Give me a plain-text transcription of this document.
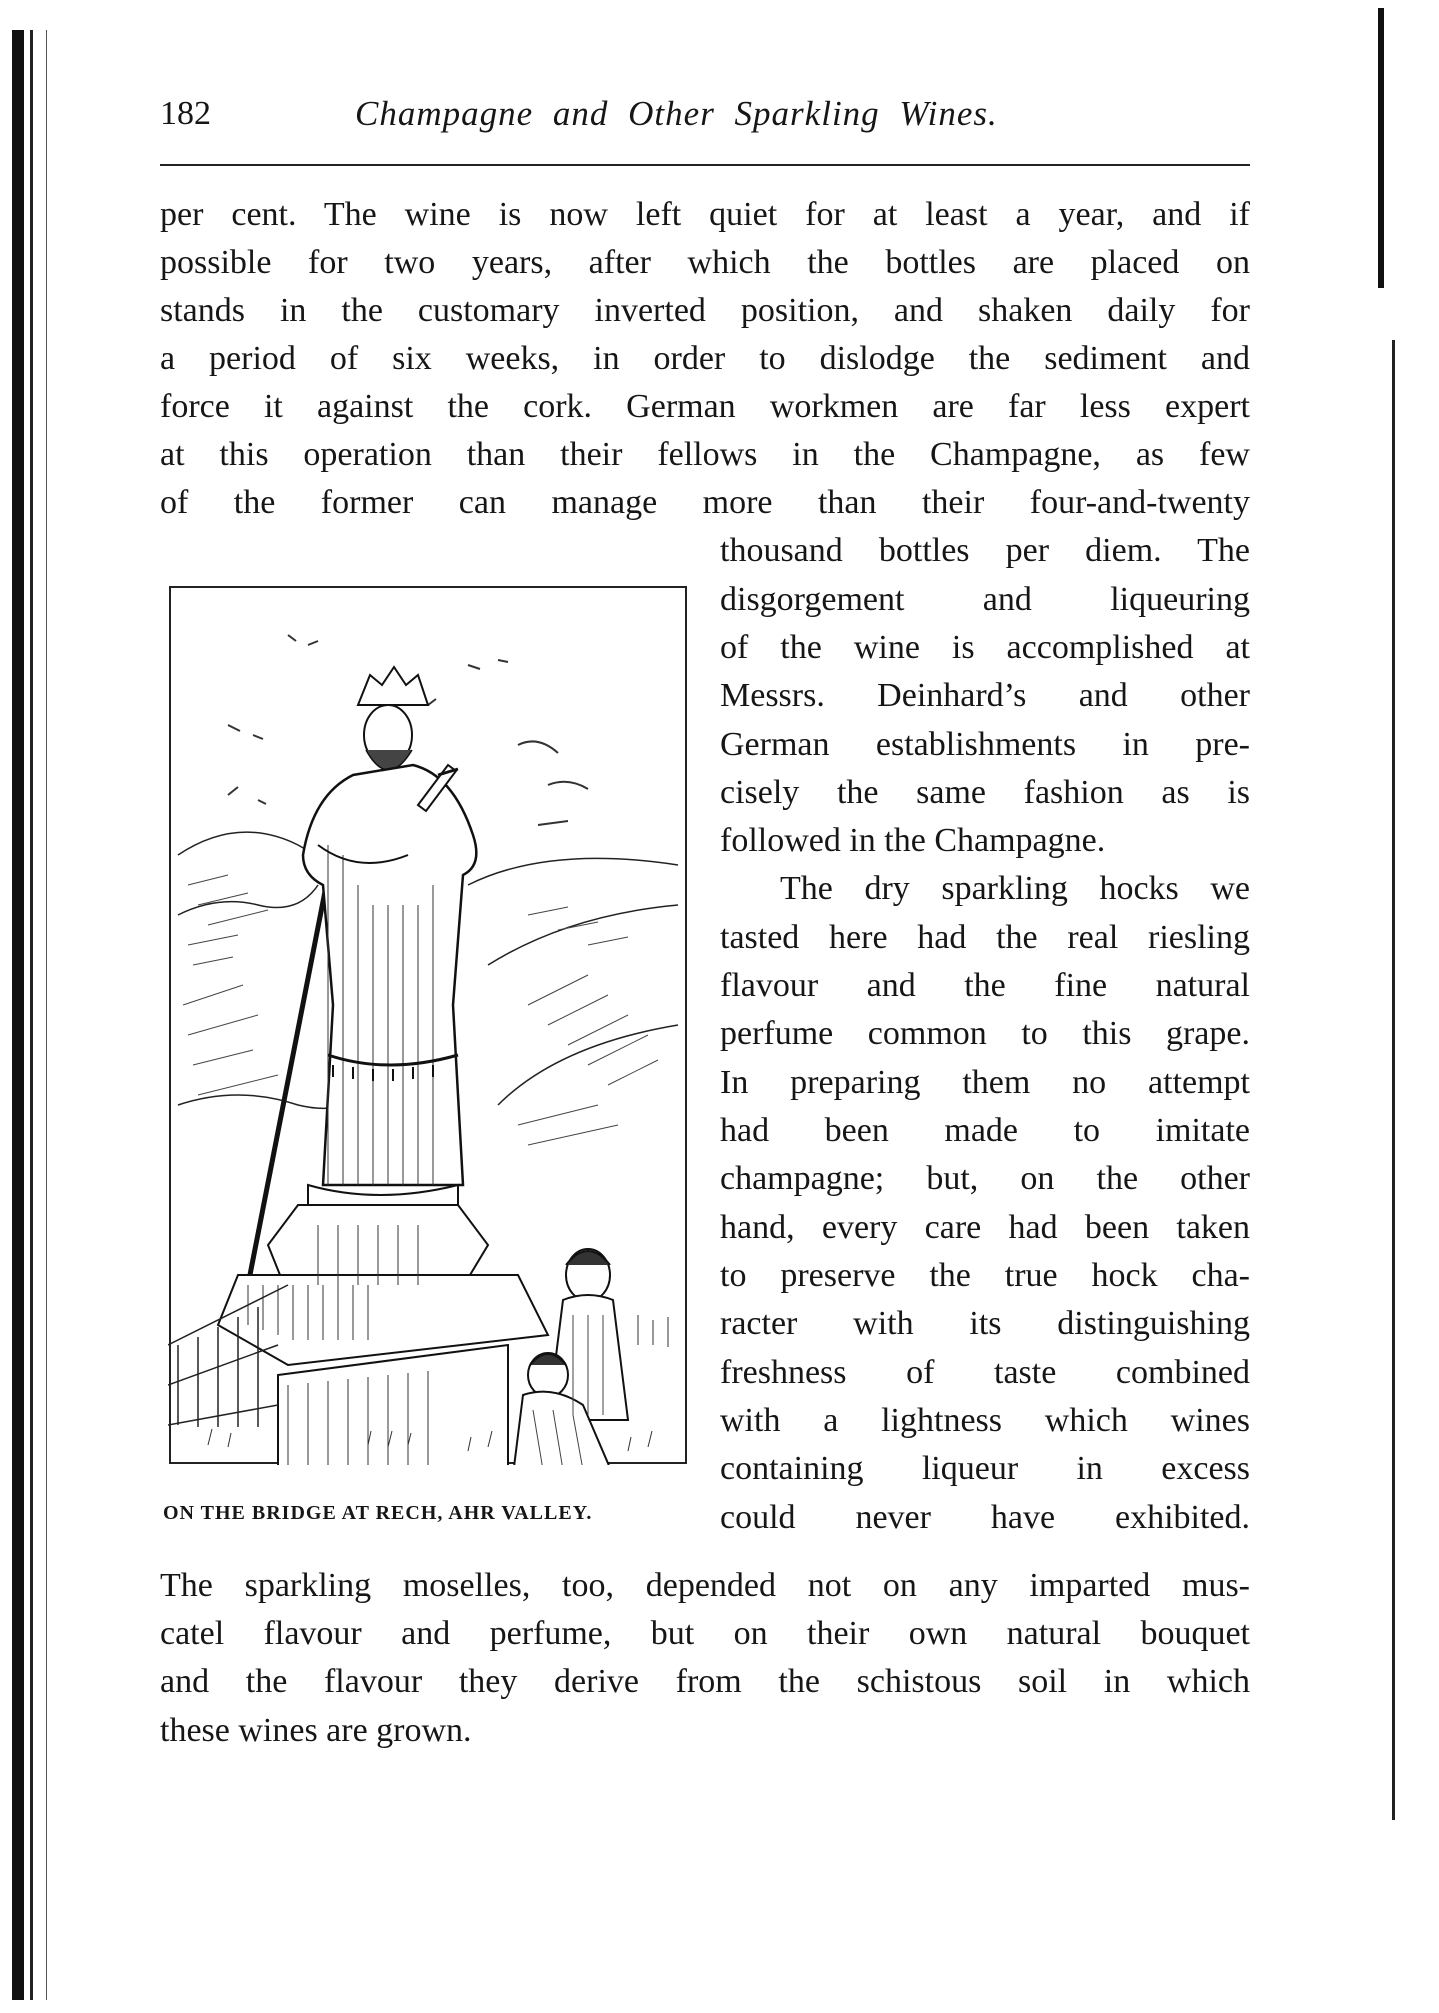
182	Champagne and Other Sparkling Wines.
per cent. The wine is now left quiet for at least a year, and if
possible for two years, after which the bottles are placed on
stands in the customary inverted position, and shaken daily for
a period of six weeks, in order to dislodge the sediment and
force it against the cork. German workmen are far less expert
at this operation than their fellows in the Champagne, as few
of the former can manage more than their four-and-twenty
thousand bottles per diem. The
disgorgement and liqueuring
of the wine is accomplished at
Messrs. Deinhard’s and other
German establishments in pre-
cisely the same fashion as is
followed in the Champagne.
The dry sparkling hocks we
tasted here had the real riesling
flavour and the fine natural
perfume common to this grape.
In preparing them no attempt
had been made to imitate
champagne; but, on the other
hand, every care had been taken
to preserve the true hock cha-
racter with its distinguishing
freshness of taste combined
with a lightness which wines
containing liqueur in excess
could never have exhibited.
The sparkling moselles, too, depended not on any imparted mus-
catel flavour and perfume, but on their own natural bouquet
and the flavour they derive from the schistous soil in which
these wines are grown.
ON THE BRIDGE AT RECH, AHR VALLEY.
